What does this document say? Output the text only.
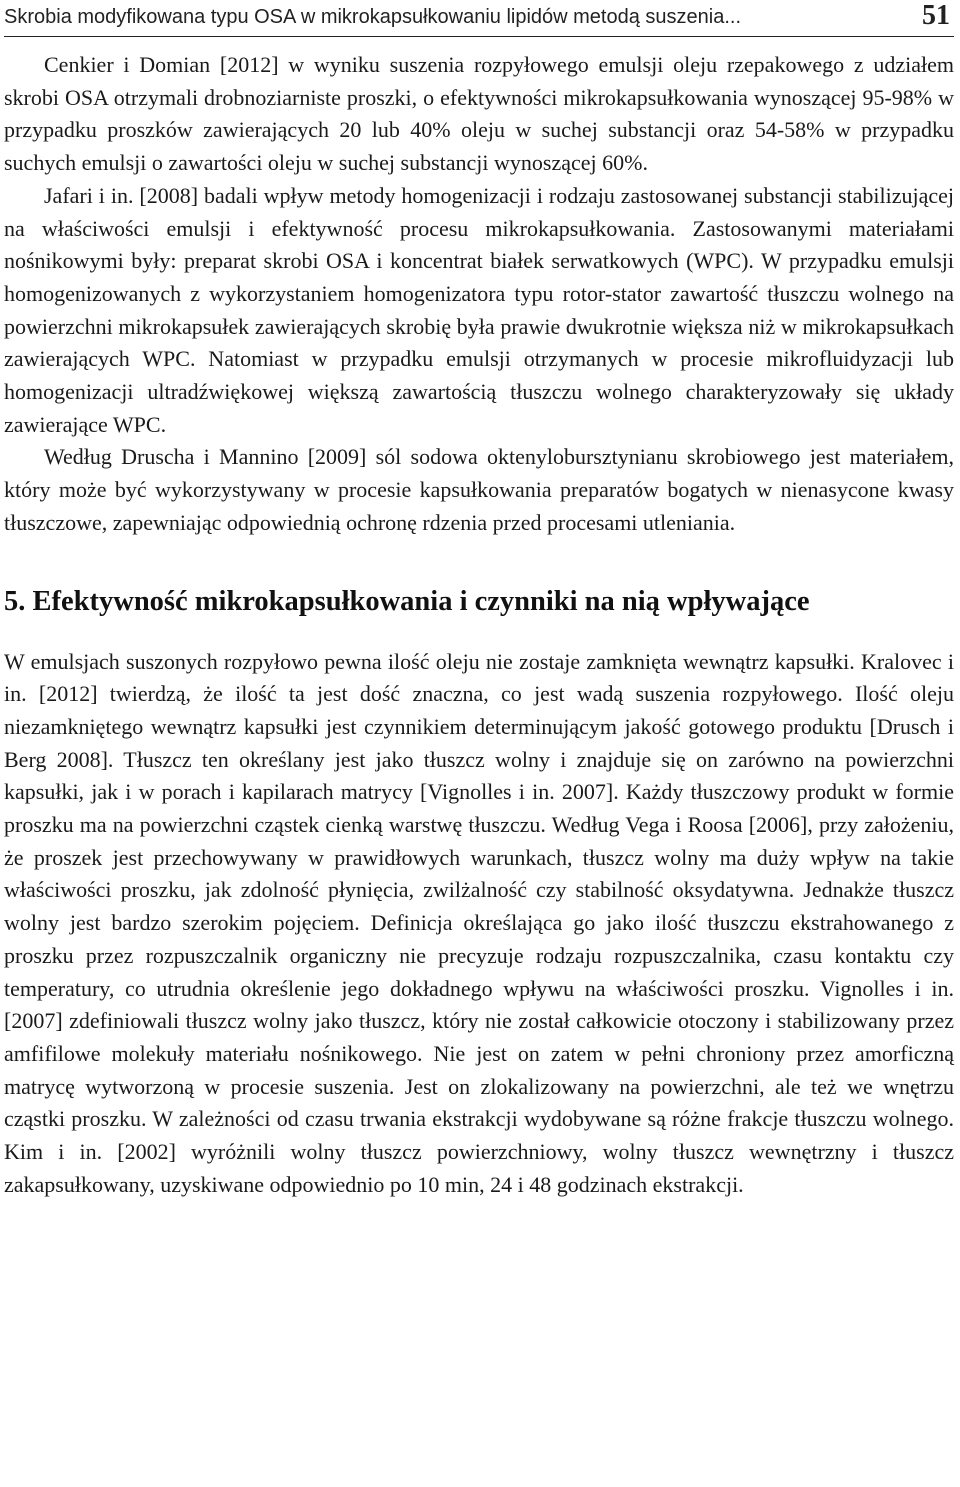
Skrobia modyfikowana typu OSA w mikrokapsułkowaniu lipidów metodą suszenia...	51

Cenkier i Domian [2012] w wyniku suszenia rozpyłowego emulsji oleju rzepakowego z udziałem skrobi OSA otrzymali drobnoziarniste proszki, o efektywności mikrokapsułkowania wynoszącej 95-98% w przypadku proszków zawierających 20 lub 40% oleju w suchej substancji oraz 54-58% w przypadku suchych emulsji o zawartości oleju w suchej substancji wynoszącej 60%.

Jafari i in. [2008] badali wpływ metody homogenizacji i rodzaju zastosowanej substancji stabilizującej na właściwości emulsji i efektywność procesu mikrokapsułkowania. Zastosowanymi materiałami nośnikowymi były: preparat skrobi OSA i koncentrat białek serwatkowych (WPC). W przypadku emulsji homogenizowanych z wykorzystaniem homogenizatora typu rotor-stator zawartość tłuszczu wolnego na powierzchni mikrokapsułek zawierających skrobię była prawie dwukrotnie większa niż w mikrokapsułkach zawierających WPC. Natomiast w przypadku emulsji otrzymanych w procesie mikrofluidyzacji lub homogenizacji ultradźwiękowej większą zawartością tłuszczu wolnego charakteryzowały się układy zawierające WPC.

Według Druscha i Mannino [2009] sól sodowa oktenylobursztynianu skrobiowego jest materiałem, który może być wykorzystywany w procesie kapsułkowania preparatów bogatych w nienasycone kwasy tłuszczowe, zapewniając odpowiednią ochronę rdzenia przed procesami utleniania.

5. Efektywność mikrokapsułkowania i czynniki na nią wpływające

W emulsjach suszonych rozpyłowo pewna ilość oleju nie zostaje zamknięta wewnątrz kapsułki. Kralovec i in. [2012] twierdzą, że ilość ta jest dość znaczna, co jest wadą suszenia rozpyłowego. Ilość oleju niezamkniętego wewnątrz kapsułki jest czynnikiem determinującym jakość gotowego produktu [Drusch i Berg 2008]. Tłuszcz ten określany jest jako tłuszcz wolny i znajduje się on zarówno na powierzchni kapsułki, jak i w porach i kapilarach matrycy [Vignolles i in. 2007]. Każdy tłuszczowy produkt w formie proszku ma na powierzchni cząstek cienką warstwę tłuszczu. Według Vega i Roosa [2006], przy założeniu, że proszek jest przechowywany w prawidłowych warunkach, tłuszcz wolny ma duży wpływ na takie właściwości proszku, jak zdolność płynięcia, zwilżalność czy stabilność oksydatywna. Jednakże tłuszcz wolny jest bardzo szerokim pojęciem. Definicja określająca go jako ilość tłuszczu ekstrahowanego z proszku przez rozpuszczalnik organiczny nie precyzuje rodzaju rozpuszczalnika, czasu kontaktu czy temperatury, co utrudnia określenie jego dokładnego wpływu na właściwości proszku. Vignolles i in. [2007] zdefiniowali tłuszcz wolny jako tłuszcz, który nie został całkowicie otoczony i stabilizowany przez amfifilowe molekuły materiału nośnikowego. Nie jest on zatem w pełni chroniony przez amorficzną matrycę wytworzoną w procesie suszenia. Jest on zlokalizowany na powierzchni, ale też we wnętrzu cząstki proszku. W zależności od czasu trwania ekstrakcji wydobywane są różne frakcje tłuszczu wolnego. Kim i in. [2002] wyróżnili wolny tłuszcz powierzchniowy, wolny tłuszcz wewnętrzny i tłuszcz zakapsułkowany, uzyskiwane odpowiednio po 10 min, 24 i 48 godzinach ekstrakcji.
